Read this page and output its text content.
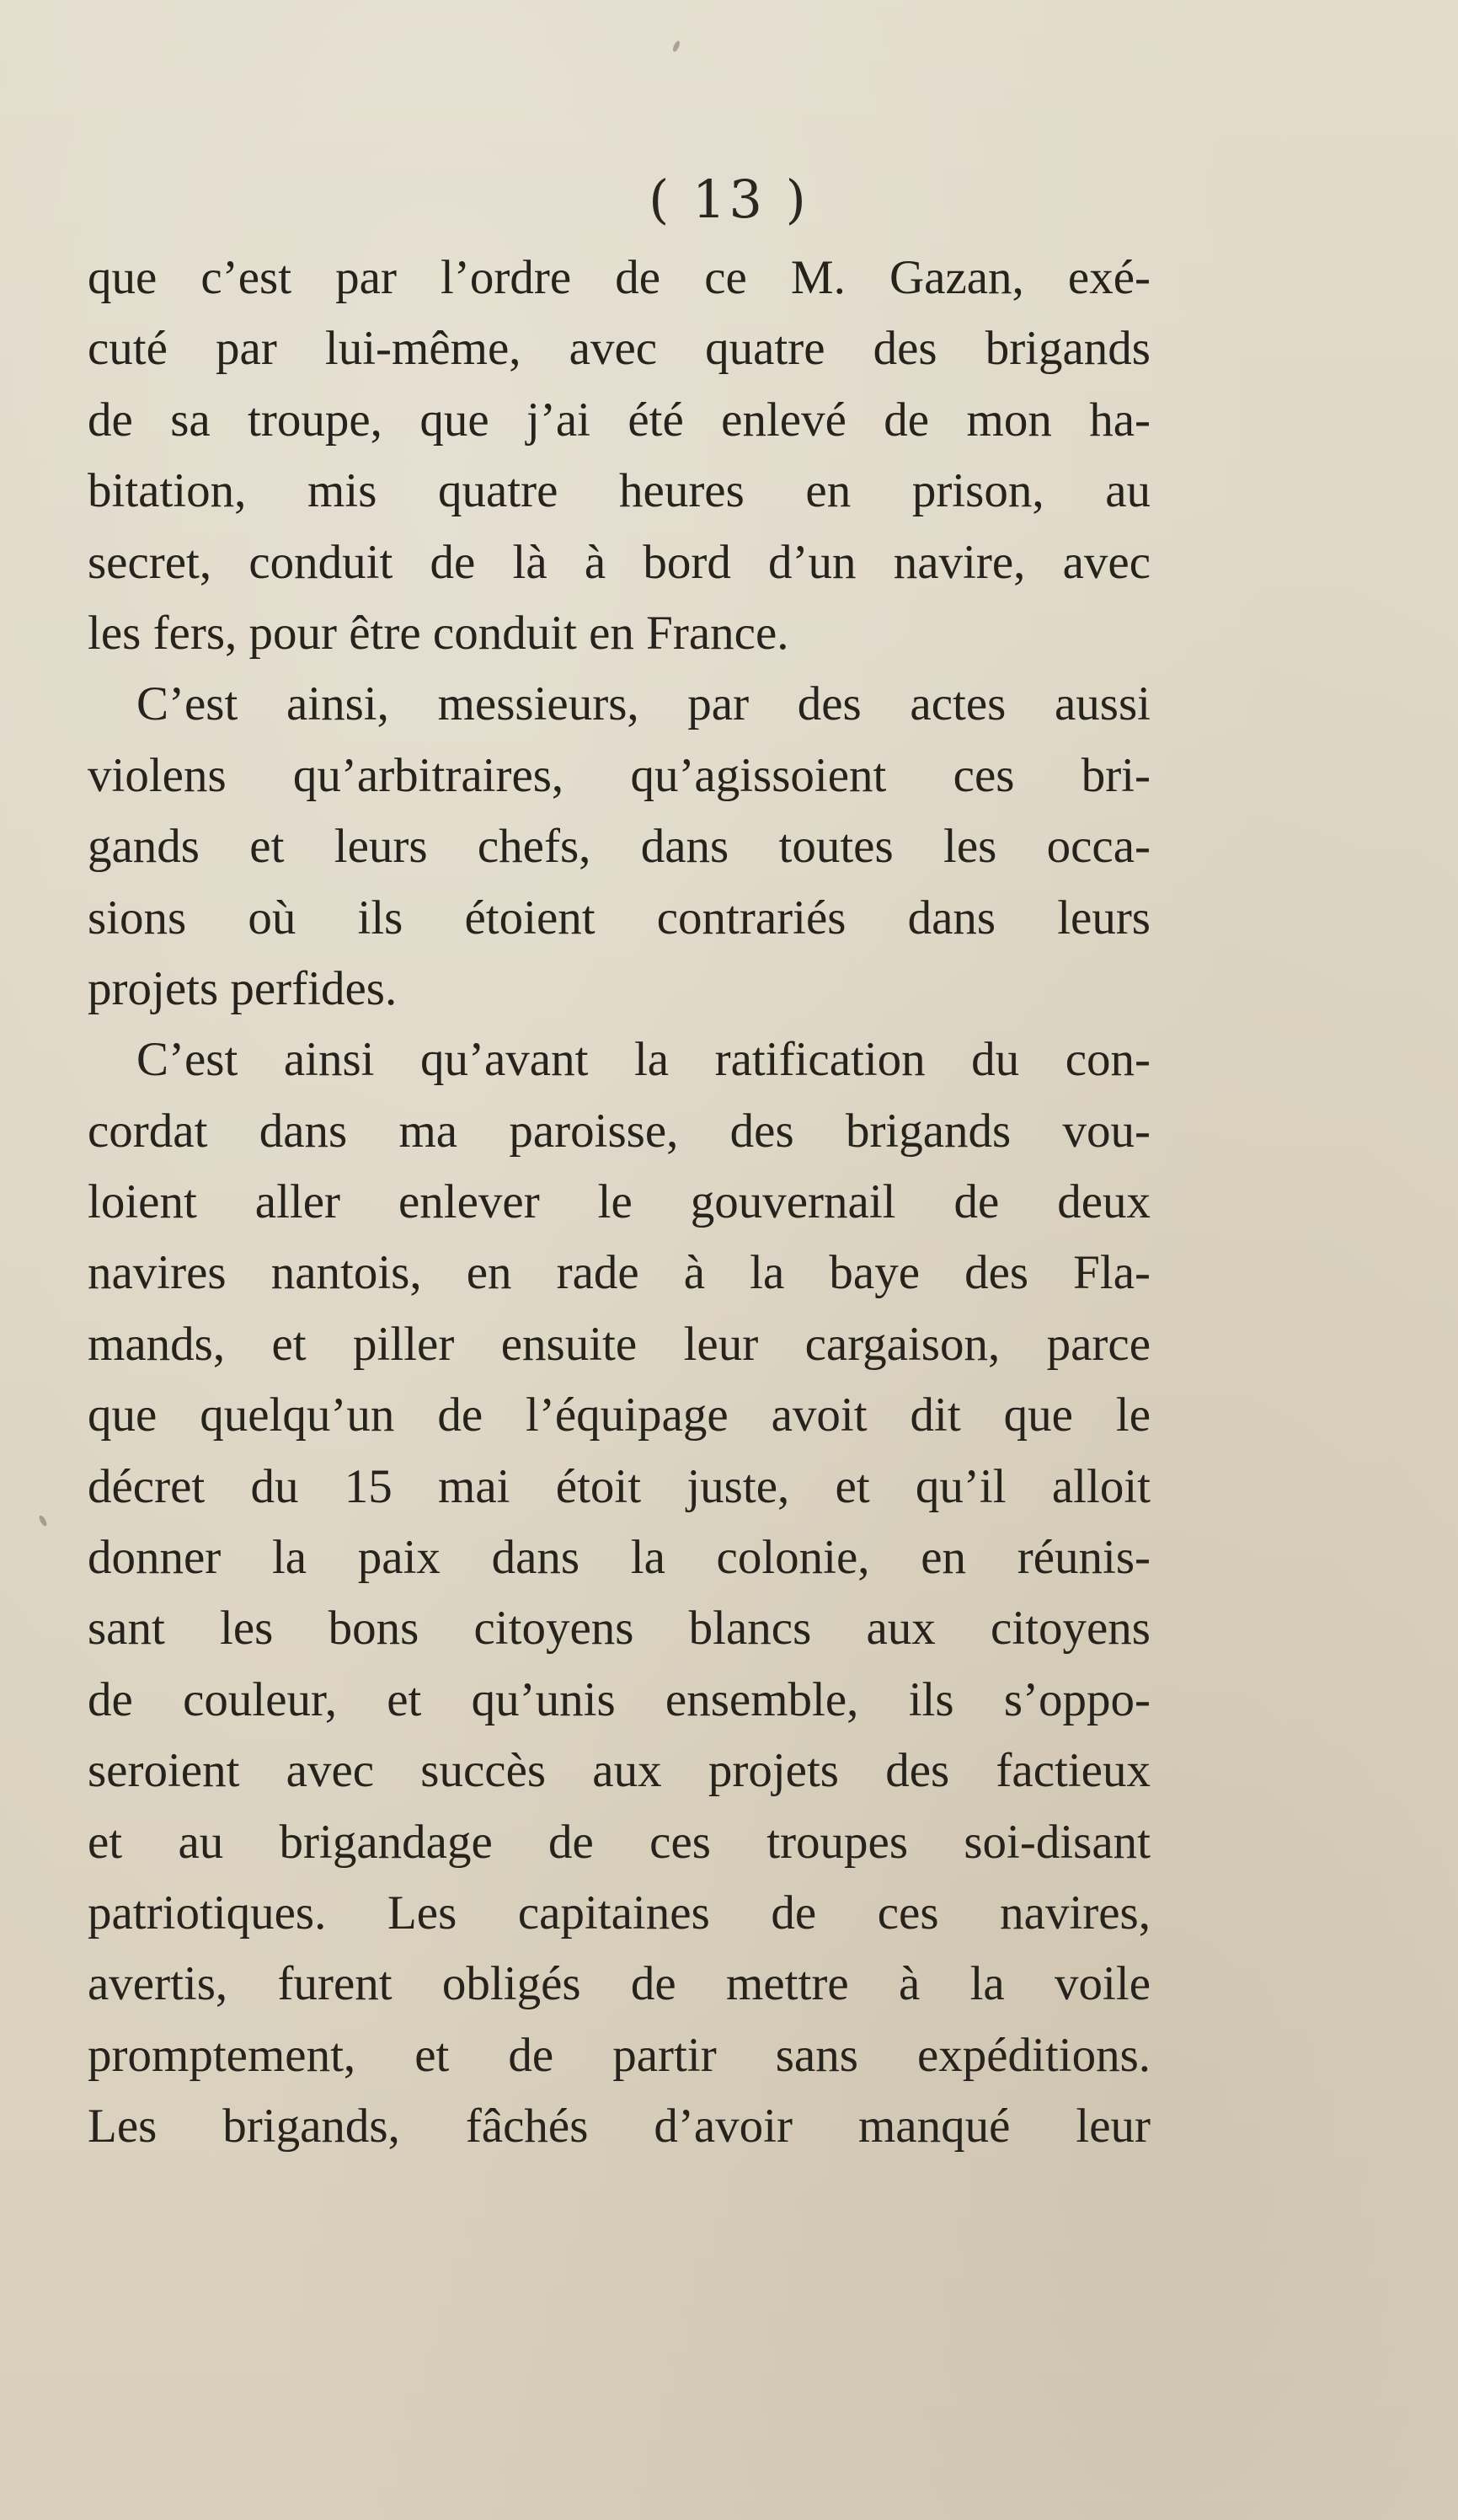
( 13 )
que c’est par l’ordre de ce M. Gazan, exé-
cuté par lui-même, avec quatre des brigands
de sa troupe, que j’ai été enlevé de mon ha-
bitation, mis quatre heures en prison, au
secret, conduit de là à bord d’un navire, avec
les fers, pour être conduit en France.
C’est ainsi, messieurs, par des actes aussi
violens qu’arbitraires, qu’agissoient ces bri-
gands et leurs chefs, dans toutes les occa-
sions où ils étoient contrariés dans leurs
projets perfides.
C’est ainsi qu’avant la ratification du con-
cordat dans ma paroisse, des brigands vou-
loient aller enlever le gouvernail de deux
navires nantois, en rade à la baye des Fla-
mands, et piller ensuite leur cargaison, parce
que quelqu’un de l’équipage avoit dit que le
décret du 15 mai étoit juste, et qu’il alloit
donner la paix dans la colonie, en réunis-
sant les bons citoyens blancs aux citoyens
de couleur, et qu’unis ensemble, ils s’oppo-
seroient avec succès aux projets des factieux
et au brigandage de ces troupes soi-disant
patriotiques. Les capitaines de ces navires,
avertis, furent obligés de mettre à la voile
promptement, et de partir sans expéditions.
Les brigands, fâchés d’avoir manqué leur
